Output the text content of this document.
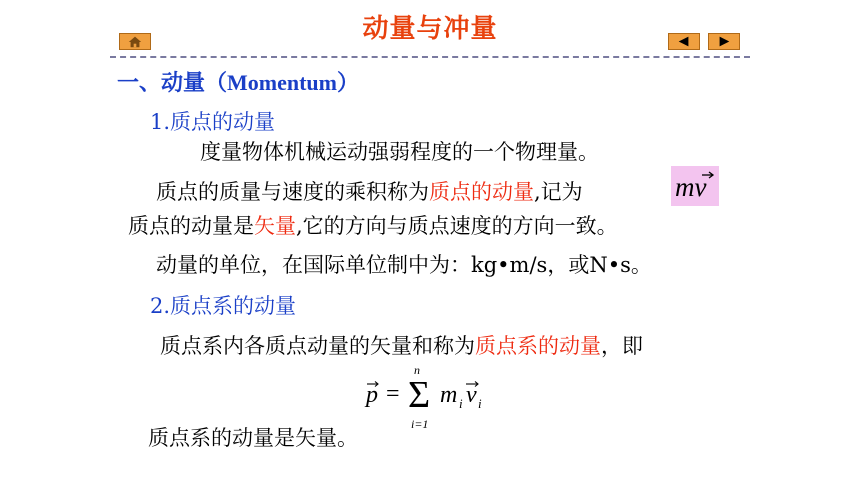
动量与冲量
一、动量（Momentum）
1.质点的动量
度量物体机械运动强弱程度的一个物理量。
质点的质量与速度的乘积称为质点的动量,记为	mv
质点的动量是矢量,它的方向与质点速度的方向一致。
动量的单位，在国际单位制中为：kg•m/s，或N•s。
2.质点系的动量
质点系内各质点动量的矢量和称为质点系的动量，即
p =
n
Σ
i=1
m i v i
质点系的动量是矢量。
